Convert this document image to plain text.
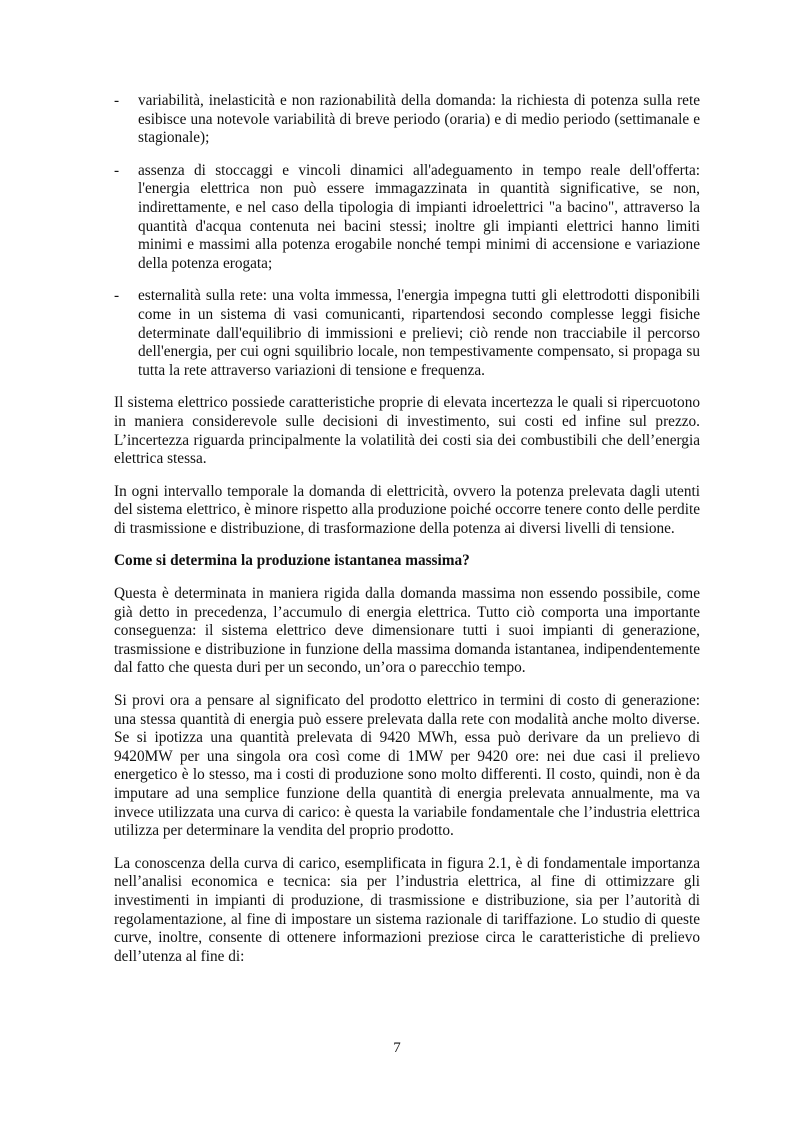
-	variabilità, inelasticità e non razionabilità della domanda: la richiesta di potenza sulla rete esibisce una notevole variabilità di breve periodo (oraria) e di medio periodo (settimanale e stagionale);
-	assenza di stoccaggi e vincoli dinamici all'adeguamento in tempo reale dell'offerta: l'energia elettrica non può essere immagazzinata in quantità significative, se non, indirettamente, e nel caso della tipologia di impianti idroelettrici "a bacino", attraverso la quantità d'acqua contenuta nei bacini stessi; inoltre gli impianti elettrici hanno limiti minimi e massimi alla potenza erogabile nonché tempi minimi di accensione e variazione della potenza erogata;
-	esternalità sulla rete: una volta immessa, l'energia impegna tutti gli elettrodotti disponibili come in un sistema di vasi comunicanti, ripartendosi secondo complesse leggi fisiche determinate dall'equilibrio di immissioni e prelievi; ciò rende non tracciabile il percorso dell'energia, per cui ogni squilibrio locale, non tempestivamente compensato, si propaga su tutta la rete attraverso variazioni di tensione e frequenza.

Il sistema elettrico possiede caratteristiche proprie di elevata incertezza le quali si ripercuotono in maniera considerevole sulle decisioni di investimento, sui costi ed infine sul prezzo. L’incertezza riguarda principalmente la volatilità dei costi sia dei combustibili che dell’energia elettrica stessa.

In ogni intervallo temporale la domanda di elettricità, ovvero la potenza prelevata dagli utenti del sistema elettrico, è minore rispetto alla produzione poiché occorre tenere conto delle perdite di trasmissione e distribuzione, di trasformazione della potenza ai diversi livelli di tensione.

Come si determina la produzione istantanea massima?

Questa è determinata in maniera rigida dalla domanda massima non essendo possibile, come già detto in precedenza, l’accumulo di energia elettrica. Tutto ciò comporta una importante conseguenza: il sistema elettrico deve dimensionare tutti i suoi impianti di generazione, trasmissione e distribuzione in funzione della massima domanda istantanea, indipendentemente dal fatto che questa duri per un secondo, un’ora o parecchio tempo.

Si provi ora a pensare al significato del prodotto elettrico in termini di costo di generazione: una stessa quantità di energia può essere prelevata dalla rete con modalità anche molto diverse. Se si ipotizza una quantità prelevata di 9420 MWh, essa può derivare da un prelievo di 9420MW per una singola ora così come di 1MW per 9420 ore: nei due casi il prelievo energetico è lo stesso, ma i costi di produzione sono molto differenti. Il costo, quindi, non è da imputare ad una semplice funzione della quantità di energia prelevata annualmente, ma va invece utilizzata una curva di carico: è questa la variabile fondamentale che l’industria elettrica utilizza per determinare la vendita del proprio prodotto.

La conoscenza della curva di carico, esemplificata in figura 2.1, è di fondamentale importanza nell’analisi economica e tecnica: sia per l’industria elettrica, al fine di ottimizzare gli investimenti in impianti di produzione, di trasmissione e distribuzione, sia per l’autorità di regolamentazione, al fine di impostare un sistema razionale di tariffazione. Lo studio di queste curve, inoltre, consente di ottenere informazioni preziose circa le caratteristiche di prelievo dell’utenza al fine di:

7
